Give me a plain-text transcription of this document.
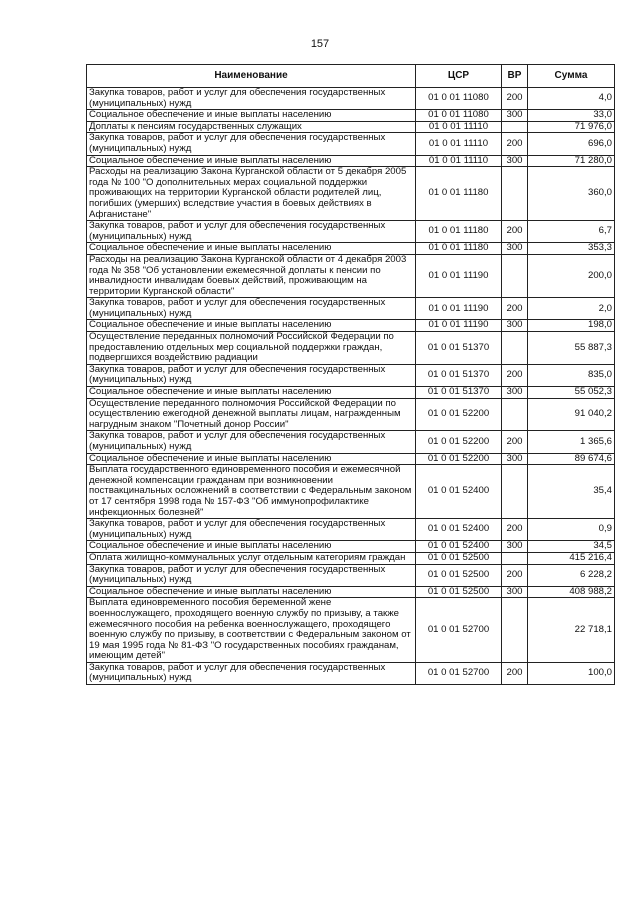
157
Наименование	ЦСР	ВР	Сумма
Закупка товаров, работ и услуг для обеспечения государственных (муниципальных) нужд	01 0 01 11080	200	4,0
Социальное обеспечение и иные выплаты населению	01 0 01 11080	300	33,0
Доплаты к пенсиям государственных служащих	01 0 01 11110		71 976,0
Закупка товаров, работ и услуг для обеспечения государственных (муниципальных) нужд	01 0 01 11110	200	696,0
Социальное обеспечение и иные выплаты населению	01 0 01 11110	300	71 280,0
Расходы на реализацию Закона Курганской области от 5 декабря 2005 года № 100 "О дополнительных мерах социальной поддержки проживающих на территории Курганской области родителей лиц, погибших (умерших) вследствие участия в боевых действиях в Афганистане"	01 0 01 11180		360,0
Закупка товаров, работ и услуг для обеспечения государственных (муниципальных) нужд	01 0 01 11180	200	6,7
Социальное обеспечение и иные выплаты населению	01 0 01 11180	300	353,3
Расходы на реализацию Закона Курганской области от 4 декабря 2003 года № 358 "Об установлении ежемесячной доплаты к пенсии по инвалидности инвалидам боевых действий, проживающим на территории Курганской области"	01 0 01 11190		200,0
Закупка товаров, работ и услуг для обеспечения государственных (муниципальных) нужд	01 0 01 11190	200	2,0
Социальное обеспечение и иные выплаты населению	01 0 01 11190	300	198,0
Осуществление переданных полномочий Российской Федерации по предоставлению отдельных мер социальной поддержки граждан, подвергшихся воздействию радиации	01 0 01 51370		55 887,3
Закупка товаров, работ и услуг для обеспечения государственных (муниципальных) нужд	01 0 01 51370	200	835,0
Социальное обеспечение и иные выплаты населению	01 0 01 51370	300	55 052,3
Осуществление переданного полномочия Российской Федерации по осуществлению ежегодной денежной выплаты лицам, награжденным нагрудным знаком "Почетный донор России"	01 0 01 52200		91 040,2
Закупка товаров, работ и услуг для обеспечения государственных (муниципальных) нужд	01 0 01 52200	200	1 365,6
Социальное обеспечение и иные выплаты населению	01 0 01 52200	300	89 674,6
Выплата государственного единовременного пособия и ежемесячной денежной компенсации гражданам при возникновении поствакцинальных осложнений в соответствии с Федеральным законом от 17 сентября 1998 года № 157-ФЗ "Об иммунопрофилактике инфекционных болезней"	01 0 01 52400		35,4
Закупка товаров, работ и услуг для обеспечения государственных (муниципальных) нужд	01 0 01 52400	200	0,9
Социальное обеспечение и иные выплаты населению	01 0 01 52400	300	34,5
Оплата жилищно-коммунальных услуг отдельным категориям граждан	01 0 01 52500		415 216,4
Закупка товаров, работ и услуг для обеспечения государственных (муниципальных) нужд	01 0 01 52500	200	6 228,2
Социальное обеспечение и иные выплаты населению	01 0 01 52500	300	408 988,2
Выплата единовременного пособия беременной жене военнослужащего, проходящего военную службу по призыву, а также ежемесячного пособия на ребенка военнослужащего, проходящего военную службу по призыву, в соответствии с Федеральным законом от 19 мая 1995 года № 81-ФЗ "О государственных пособиях гражданам, имеющим детей"	01 0 01 52700		22 718,1
Закупка товаров, работ и услуг для обеспечения государственных (муниципальных) нужд	01 0 01 52700	200	100,0
